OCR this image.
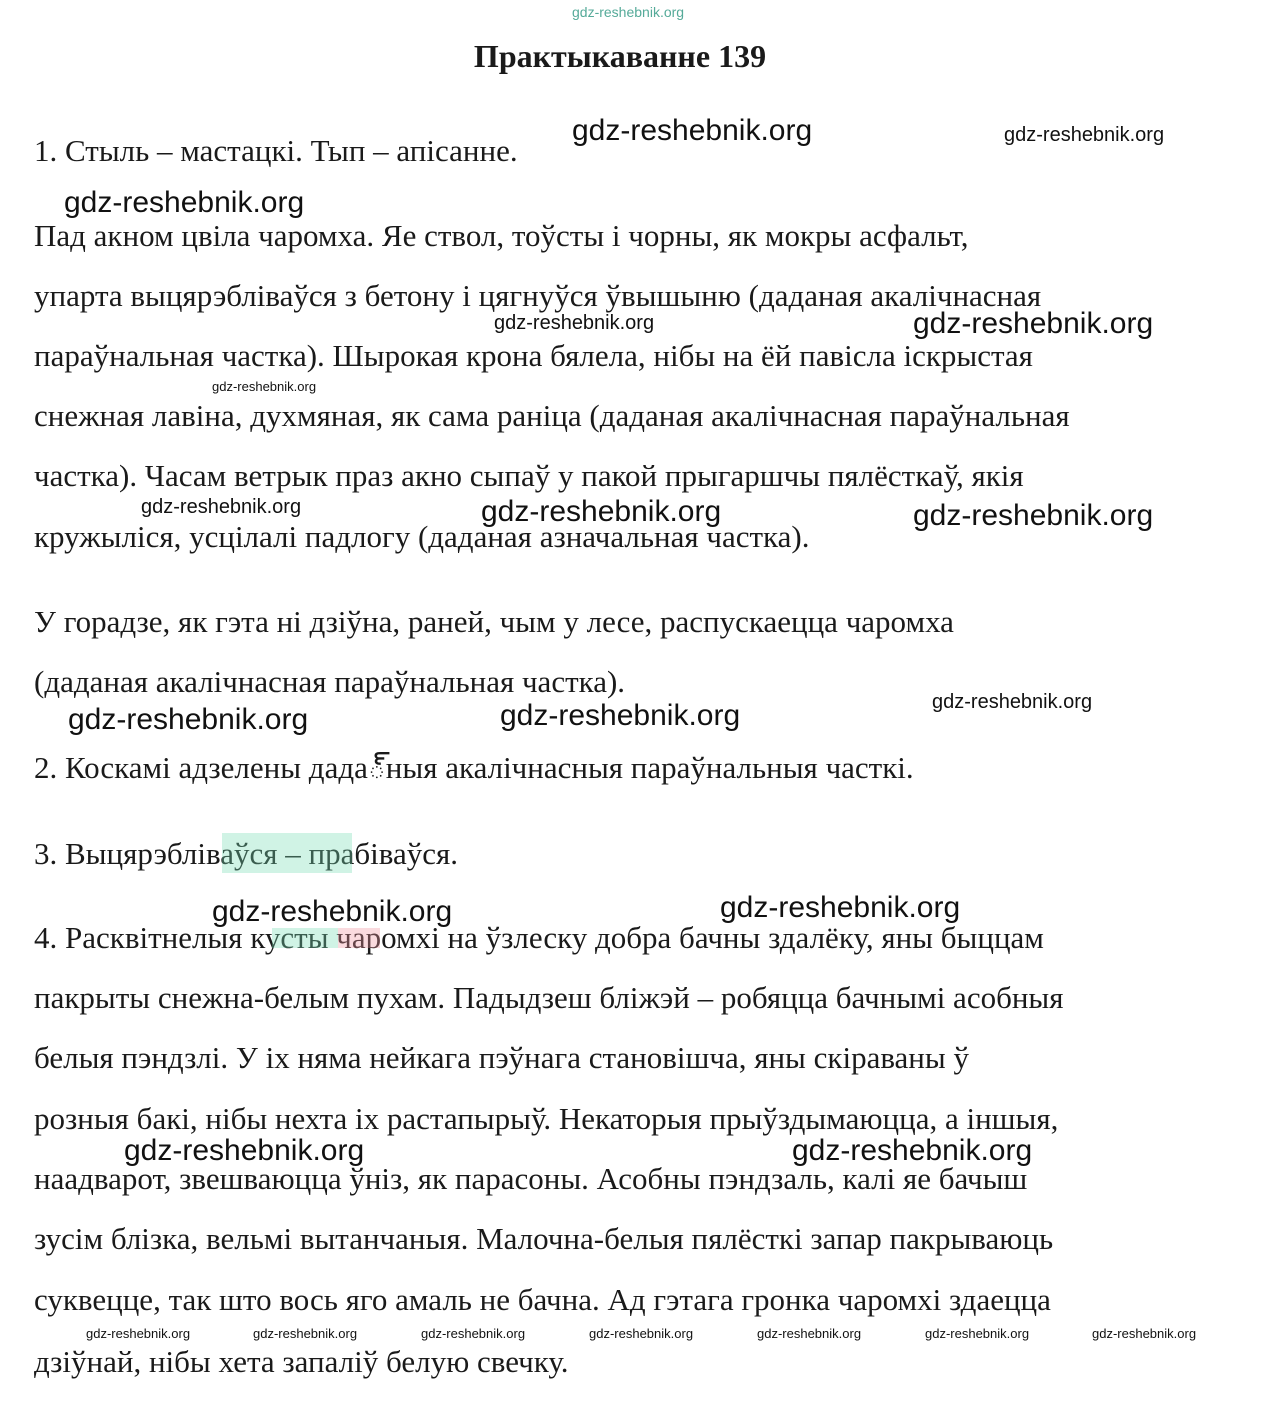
gdz-reshebnik.org
Практыкаванне 139
1. Стыль – мастацкі. Тып – апісанне.
Пад акном цвіла чаромха. Яе ствол, тоўсты і чорны, як мокры асфальт,
упарта выцярэбліваўся з бетону і цягнуўся ўвышыню (даданая акалічнасная
параўнальная частка). Шырокая крона бялела, нібы на ёй павісла іскрыстая
снежная лавіна, духмяная, як сама раніца (даданая акалічнасная параўнальная
частка). Часам ветрык праз акно сыпаў у пакой прыгаршчы пялёсткаў, якія
кружыліся, усцілалі падлогу (даданая азначальная частка).
У горадзе, як гэта ні дзіўна, раней, чым у лесе, распускаецца чаромха
(даданая акалічнасная параўнальная частка).
2. Коскамі адзелены дада్ныя акалічнасныя параўнальныя часткі.
3. Выцярэбліваўся – прабіваўся.
4. Расквітнелыя кусты чаромхі на ўзлеску добра бачны здалёку, яны быццам
пакрыты снежна-белым пухам. Падыдзеш бліжэй – робяцца бачнымі асобныя
белыя пэндзлі. У іх няма нейкага пэўнага становішча, яны скіраваны ў
розныя бакі, нібы нехта іх растапырыў. Некаторыя прыўздымаюцца, а іншыя,
наадварот, звешваюцца ўніз, як парасоны. Асобны пэндзаль, калі яе бачыш
зусім блізка, вельмі вытанчаныя. Малочна-белыя пялёсткі запар пакрываюць
суквецце, так што вось яго амаль не бачна. Ад гэтага гронка чаромхі здаецца
дзіўнай, нібы хета запаліў белую свечку.
gdz-reshebnik.org	gdz-reshebnik.org
gdz-reshebnik.org
gdz-reshebnik.org	gdz-reshebnik.org
gdz-reshebnik.org
gdz-reshebnik.org	gdz-reshebnik.org	gdz-reshebnik.org
gdz-reshebnik.org
gdz-reshebnik.org	gdz-reshebnik.org
gdz-reshebnik.org	gdz-reshebnik.org
gdz-reshebnik.org	gdz-reshebnik.org
gdz-reshebnik.org	gdz-reshebnik.org	gdz-reshebnik.org	gdz-reshebnik.org	gdz-reshebnik.org	gdz-reshebnik.org	gdz-reshebnik.org
